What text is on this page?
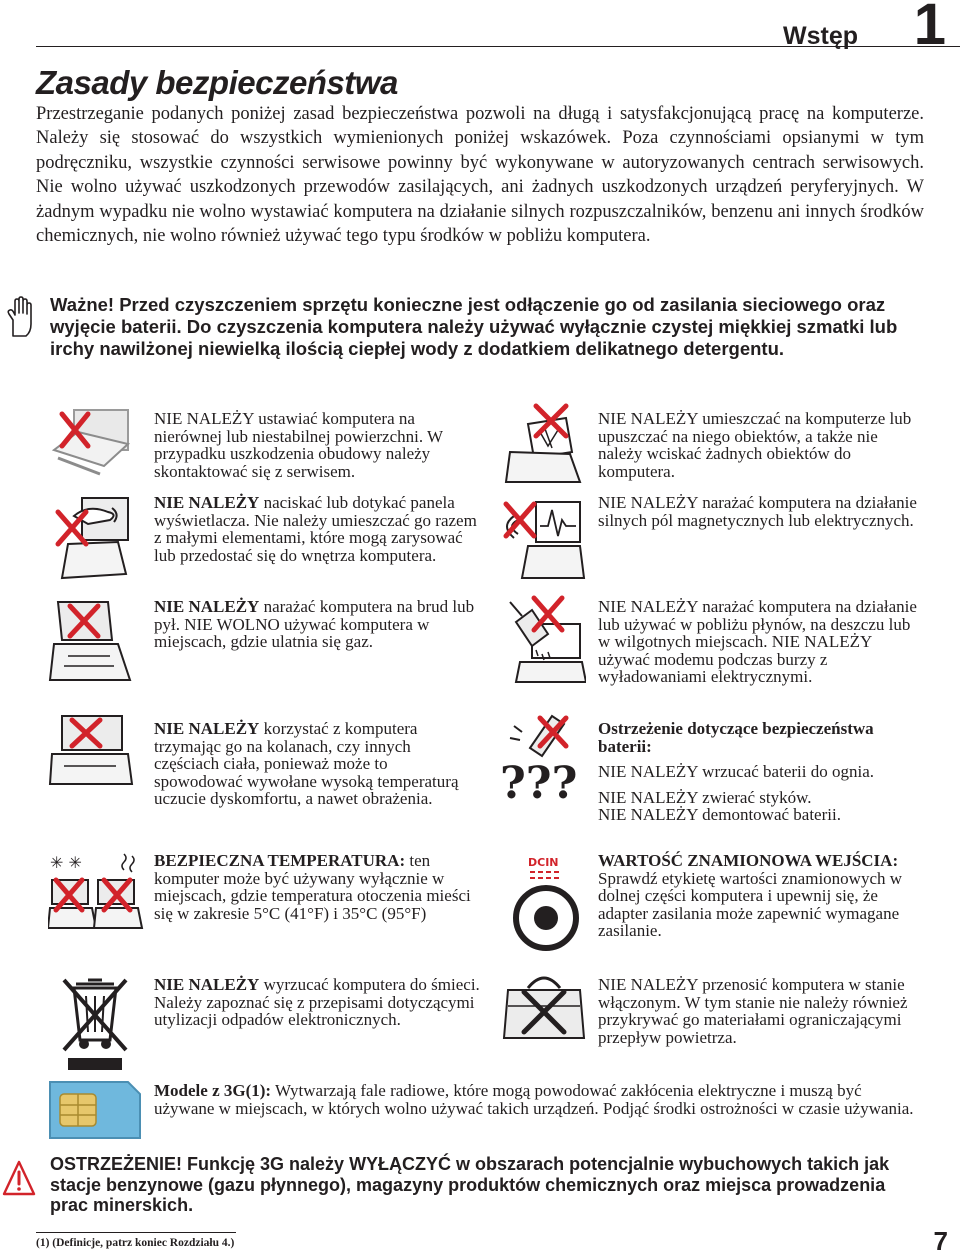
Wstęp 1
Zasady bezpieczeństwa

Przestrzeganie podanych poniżej zasad bezpieczeństwa pozwoli na długą i satysfakcjonującą pracę na komputerze. Należy się stosować do wszystkich wymienionych poniżej wskazówek. Poza czynnościami opsianymi w tym podręczniku, wszystkie czynności serwisowe powinny być wykonywane w autoryzowanych centrach serwisowych. Nie wolno używać uszkodzonych przewodów zasilających, ani żadnych uszkodzonych urządzeń peryferyjnych. W żadnym wypadku nie wolno wystawiać komputera na działanie silnych rozpuszczalników, benzenu ani innych środków chemicznych, nie wolno również używać tego typu środków w pobliżu komputera.

Ważne! Przed czyszczeniem sprzętu konieczne jest odłączenie go od zasilania sieciowego oraz wyjęcie baterii. Do czyszczenia komputera należy używać wyłącznie czystej miękkiej szmatki lub irchy nawilżonej niewielką ilością ciepłej wody z dodatkiem delikatnego detergentu.
✳ ✳
NIE NALEŻY ustawiać komputera na nierównej lub niestabilnej powierzchni. W przypadku uszkodzenia obudowy należy skontaktować się z serwisem.
NIE NALEŻY naciskać lub dotykać panela wyświetlacza. Nie należy umieszczać go razem z małymi elementami, które mogą zarysować lub przedostać się do wnętrza komputera.
NIE NALEŻY narażać komputera na brud lub pył. NIE WOLNO używać komputera w miejscach, gdzie ulatnia się gaz.
NIE NALEŻY korzystać z komputera trzymając go na kolanach, czy innych częściach ciała, ponieważ może to spowodować wywołane wysoką temperaturą uczucie dyskomfortu, a nawet obrażenia.
BEZPIECZNA TEMPERATURA: ten komputer może być używany wyłącznie w miejscach, gdzie temperatura otoczenia mieści się w zakresie 5°C (41°F) i 35°C (95°F)
NIE NALEŻY wyrzucać komputera do śmieci. Należy zapoznać się z przepisami dotyczącymi utylizacji odpadów elektronicznych.
???
DCIN
NIE NALEŻY umieszczać na komputerze lub upuszczać na niego obiektów, a także nie należy wciskać żadnych obiektów do komputera.
NIE NALEŻY narażać komputera na działanie silnych pól magnetycznych lub elektrycznych.
NIE NALEŻY narażać komputera na działanie lub używać w pobliżu płynów, na deszczu lub w wilgotnych miejscach. NIE NALEŻY używać modemu podczas burzy z wyładowaniami elektrycznymi.

Ostrzeżenie dotyczące bezpieczeństwa baterii:

NIE NALEŻY wrzucać baterii do ognia.

NIE NALEŻY zwierać styków.

NIE NALEŻY demontować baterii.

WARTOŚĆ ZNAMIONOWA WEJŚCIA: Sprawdź etykietę wartości znamionowych w dolnej części komputera i upewnij się, że adapter zasilania może zapewnić wymagane zasilanie.
NIE NALEŻY przenosić komputera w stanie włączonym. W tym stanie nie należy również przykrywać go materiałami ograniczającymi przepływ powietrza.
Modele z 3G(1): Wytwarzają fale radiowe, które mogą powodować zakłócenia elektryczne i muszą być używane w miejscach, w których wolno używać takich urządzeń. Podjąć środki ostrożności w czasie używania.
OSTRZEŻENIE! Funkcję 3G należy WYŁĄCZYĆ w obszarach potencjalnie wybuchowych takich jak stacje benzynowe (gazu płynnego), magazyny produktów chemicznych oraz miejsca prowadzenia prac minerskich.
(1) (Definicje, patrz koniec Rozdziału 4.)	7
